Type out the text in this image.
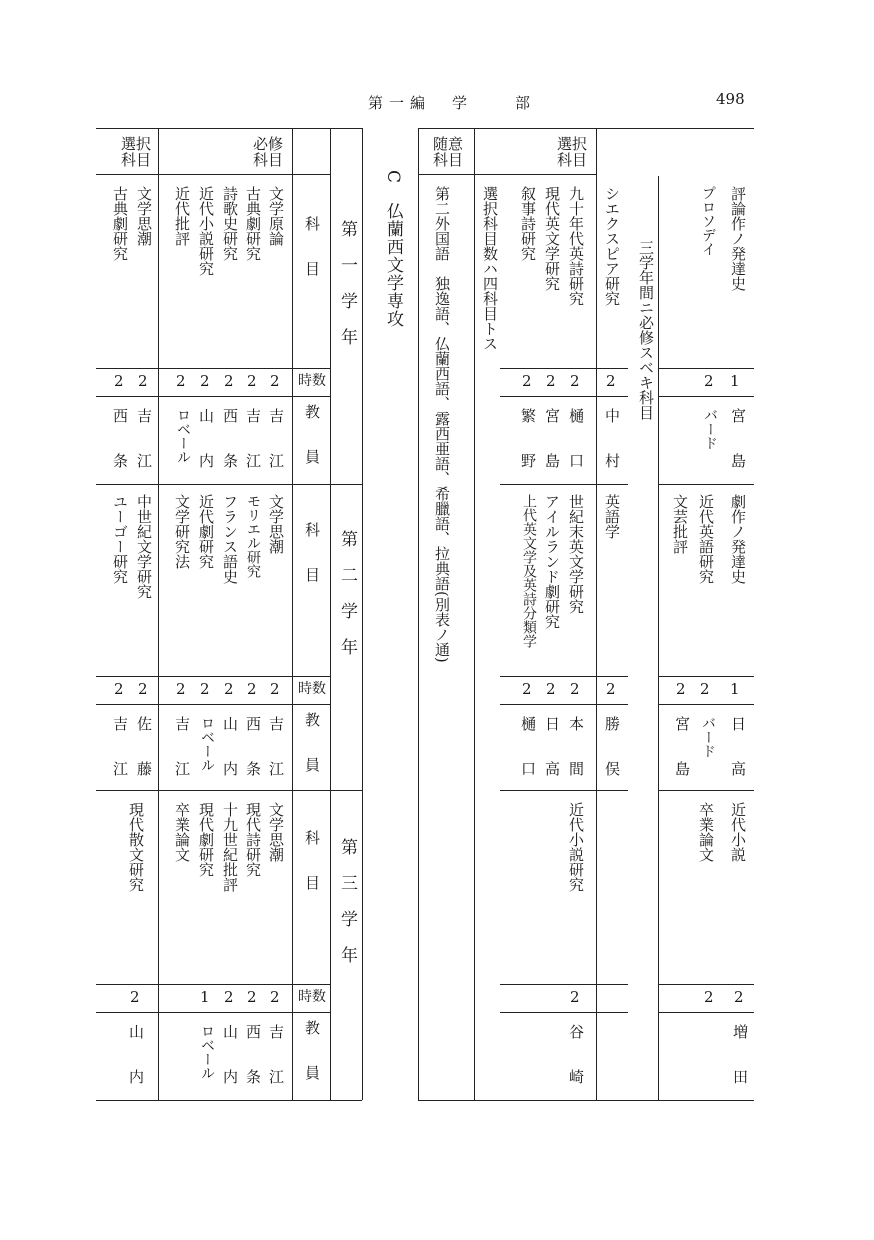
第一編　学　　部	498
選択科目
必修科目
第　一　学　年
第　二　学　年
第　三　学　年
科　　目
時数
教　　員
科　　目
時数
教　　員
科　　目
時数
教　　員
文学原論
古典劇研究
詩歌史研究
近代小説研究
近代批評
文学思潮
古典劇研究
2
2
2
2
2
2
2
吉　　江
吉　　江
西　　条
山　　内
ロベール
吉　　江
西　　条
文学思潮
モリエル研究
フランス語史
近代劇研究
文学研究法
中世紀文学研究
ユーゴー研究
2
2
2
2
2
2
2
吉　　江
西　　条
山　　内
ロベール
吉　　江
佐　　藤
吉　　江
文学思潮
現代詩研究
十九世紀批評
現代劇研究
卒業論文
現代散文研究
2
2
2
1
2
吉　　江
西　　条
山　　内
ロベール
山　　内
C　仏蘭西文学専攻
随意科目
選択科目
第二外国語　独逸語、仏蘭西語、露西亜語、希臘語、拉典語(別表ノ通) 選択科目数ハ四科目トス	三学年間ニ必修スベキ科目
九十年代英詩研究
現代英文学研究
叙事詩研究
2
2
2
樋　　口
宮　　島
繁　　野
世紀末英文学研究
アイルランド劇研究
上代英文学及英詩分類学
2
2
2
本　　間
日　　高
樋　　口
近代小説研究
2
谷　　崎
シエクスピア研究
2
中　　村
英語学
2
勝　　俣
評論作ノ発達史
プロソデイ
1
2
宮　　島
バード
劇作ノ発達史
近代英語研究
文芸批評
1
2
2
日　　高
バード
宮　　島
近代小説
卒業論文
2
2
増　　田
